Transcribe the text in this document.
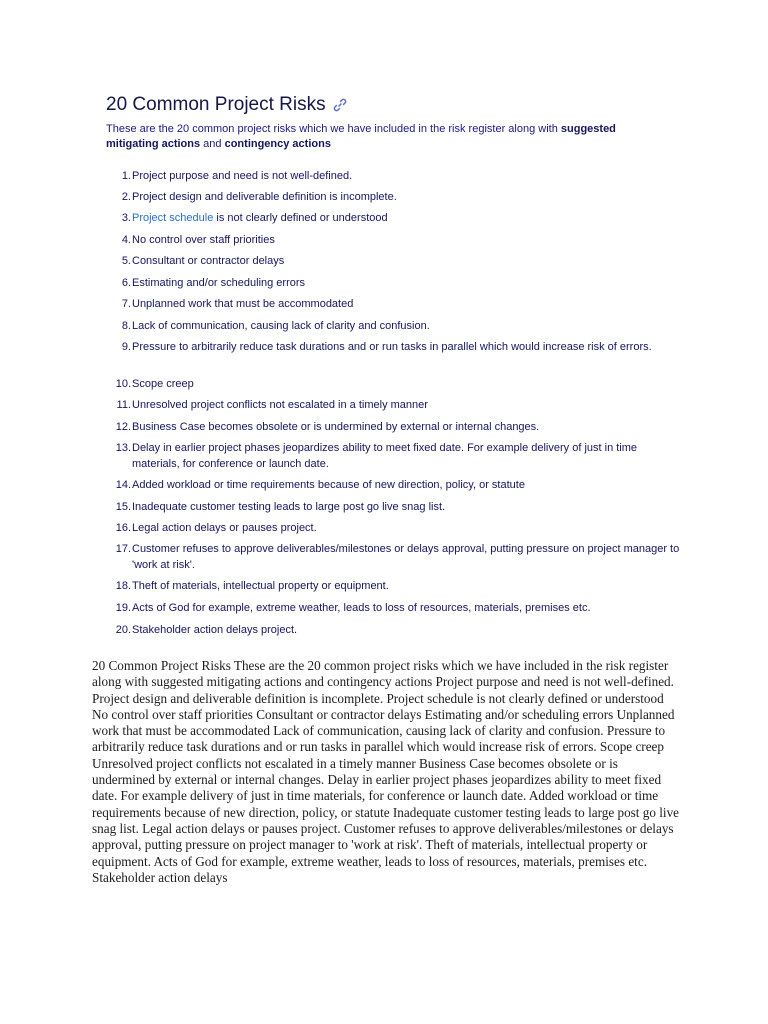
20 Common Project Risks
These are the 20 common project risks which we have included in the risk register along with suggested mitigating actions and contingency actions
1. Project purpose and need is not well-defined.
2. Project design and deliverable definition is incomplete.
3. Project schedule is not clearly defined or understood
4. No control over staff priorities
5. Consultant or contractor delays
6. Estimating and/or scheduling errors
7. Unplanned work that must be accommodated
8. Lack of communication, causing lack of clarity and confusion.
9. Pressure to arbitrarily reduce task durations and or run tasks in parallel which would increase risk of errors.
10. Scope creep
11. Unresolved project conflicts not escalated in a timely manner
12. Business Case becomes obsolete or is undermined by external or internal changes.
13. Delay in earlier project phases jeopardizes ability to meet fixed date. For example delivery of just in time materials, for conference or launch date.
14. Added workload or time requirements because of new direction, policy, or statute
15. Inadequate customer testing leads to large post go live snag list.
16. Legal action delays or pauses project.
17. Customer refuses to approve deliverables/milestones or delays approval, putting pressure on project manager to 'work at risk'.
18. Theft of materials, intellectual property or equipment.
19. Acts of God for example, extreme weather, leads to loss of resources, materials, premises etc.
20. Stakeholder action delays project.

20 Common Project Risks These are the 20 common project risks which we have included in the risk register along with suggested mitigating actions and contingency actions Project purpose and need is not well-defined. Project design and deliverable definition is incomplete. Project schedule is not clearly defined or understood No control over staff priorities Consultant or contractor delays Estimating and/or scheduling errors Unplanned work that must be accommodated Lack of communication, causing lack of clarity and confusion. Pressure to arbitrarily reduce task durations and or run tasks in parallel which would increase risk of errors. Scope creep Unresolved project conflicts not escalated in a timely manner Business Case becomes obsolete or is undermined by external or internal changes. Delay in earlier project phases jeopardizes ability to meet fixed date. For example delivery of just in time materials, for conference or launch date. Added workload or time requirements because of new direction, policy, or statute Inadequate customer testing leads to large post go live snag list. Legal action delays or pauses project. Customer refuses to approve deliverables/milestones or delays approval, putting pressure on project manager to 'work at risk'. Theft of materials, intellectual property or equipment. Acts of God for example, extreme weather, leads to loss of resources, materials, premises etc. Stakeholder action delays
